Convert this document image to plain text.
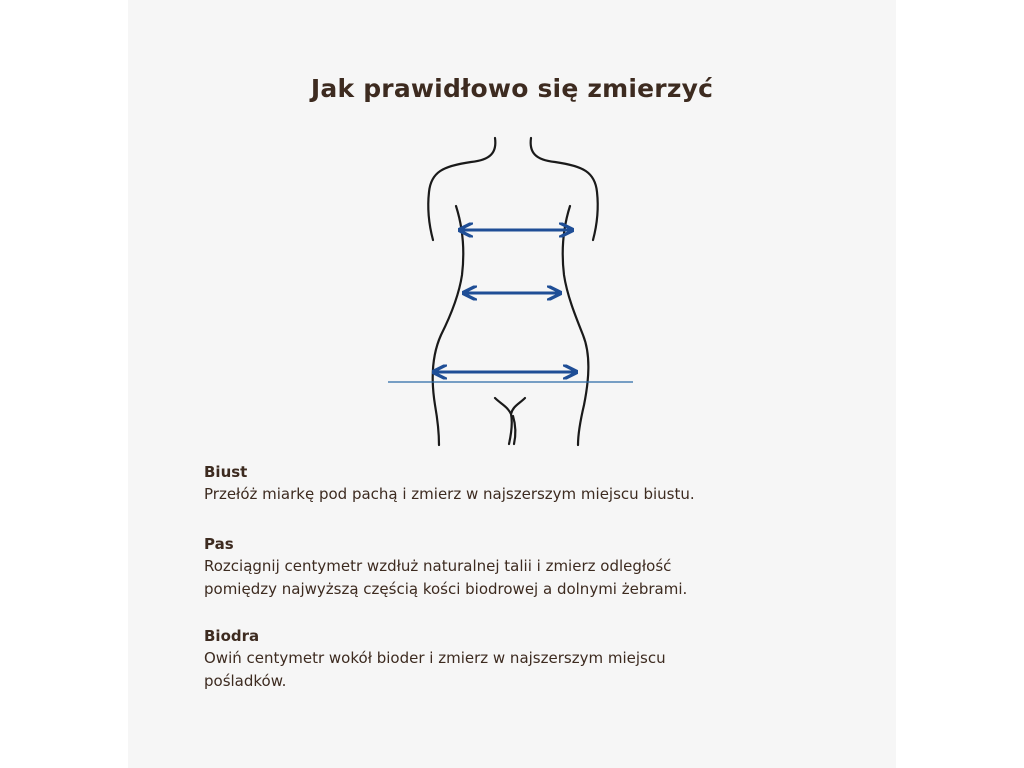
Jak prawidłowo się zmierzyć
Biust
Przełóż miarkę pod pachą i zmierz w najszerszym miejscu biustu.
Pas
Rozciągnij centymetr wzdłuż naturalnej talii i zmierz odległość
pomiędzy najwyższą częścią kości biodrowej a dolnymi żebrami.
Biodra
Owiń centymetr wokół bioder i zmierz w najszerszym miejscu
pośladków.
